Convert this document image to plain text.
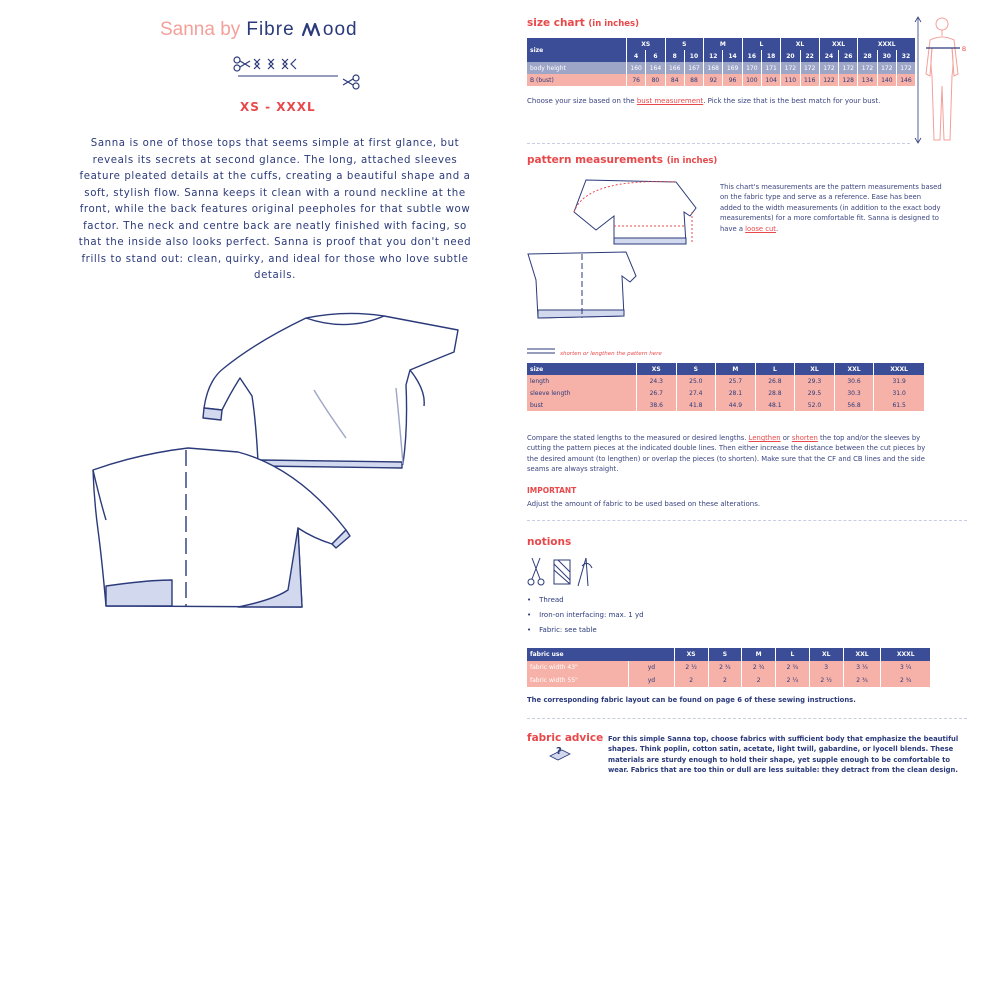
Sanna by Fibre ood
XS - XXXL
Sanna is one of those tops that seems simple at first glance, but reveals its secrets at second glance. The long, attached sleeves feature pleated details at the cuffs, creating a beautiful shape and a soft, stylish flow. Sanna keeps it clean with a round neckline at the front, while the back features original peepholes for that subtle wow factor. The neck and centre back are neatly finished with facing, so that the inside also looks perfect. Sanna is proof that you don't need frills to stand out: clean, quirky, and ideal for those who love subtle details.
size chart (in inches)
size	XS		S		M		L		XL		XXL		XXXL		
	4	6	8	10	12	14	16	18	20	22	24	26	28	30	32
body height	160	164	166	167	168	169	170	171	172	172	172	172	172	172	172
B (bust)	76	80	84	88	92	96	100	104	110	116	122	128	134	140	146
Choose your size based on the bust measurement. Pick the size that is the best match for your bust.
B
pattern measurements (in inches)
This chart's measurements are the pattern measurements based on the fabric type and serve as a reference. Ease has been added to the width measurements (in addition to the exact body measurements) for a more comfortable fit. Sanna is designed to have a loose cut.
shorten or lengthen the pattern here
size	XS	S	M	L	XL	XXL	XXXL
length	24.3	25.0	25.7	26.8	29.3	30.6	31.9
sleeve length	26.7	27.4	28.1	28.8	29.5	30.3	31.0
bust	38.6	41.8	44.9	48.1	52.0	56.8	61.5
Compare the stated lengths to the measured or desired lengths. Lengthen or shorten the top and/or the sleeves by cutting the pattern pieces at the indicated double lines. Then either increase the distance between the cut pieces by the desired amount (to lengthen) or overlap the pieces (to shorten). Make sure that the CF and CB lines and the side seams are always straight.
IMPORTANT
Adjust the amount of fabric to be used based on these alterations.
notions
• Thread
• Iron-on interfacing: max. 1 yd
• Fabric: see table
fabric use		XS	S	M	L	XL	XXL	XXXL
fabric width 43"	yd	2 ½	2 ¾	2 ¾	2 ¾	3	3 ¼	3 ¼
fabric width 55"	yd	2	2	2	2 ¼	2 ½	2 ¾	2 ¾
The corresponding fabric layout can be found on page 6 of these sewing instructions.
fabric advice
?
For this simple Sanna top, choose fabrics with sufficient body that emphasize the beautiful shapes. Think poplin, cotton satin, acetate, light twill, gabardine, or lyocell blends. These materials are sturdy enough to hold their shape, yet supple enough to be comfortable to wear. Fabrics that are too thin or dull are less suitable: they detract from the clean design.
